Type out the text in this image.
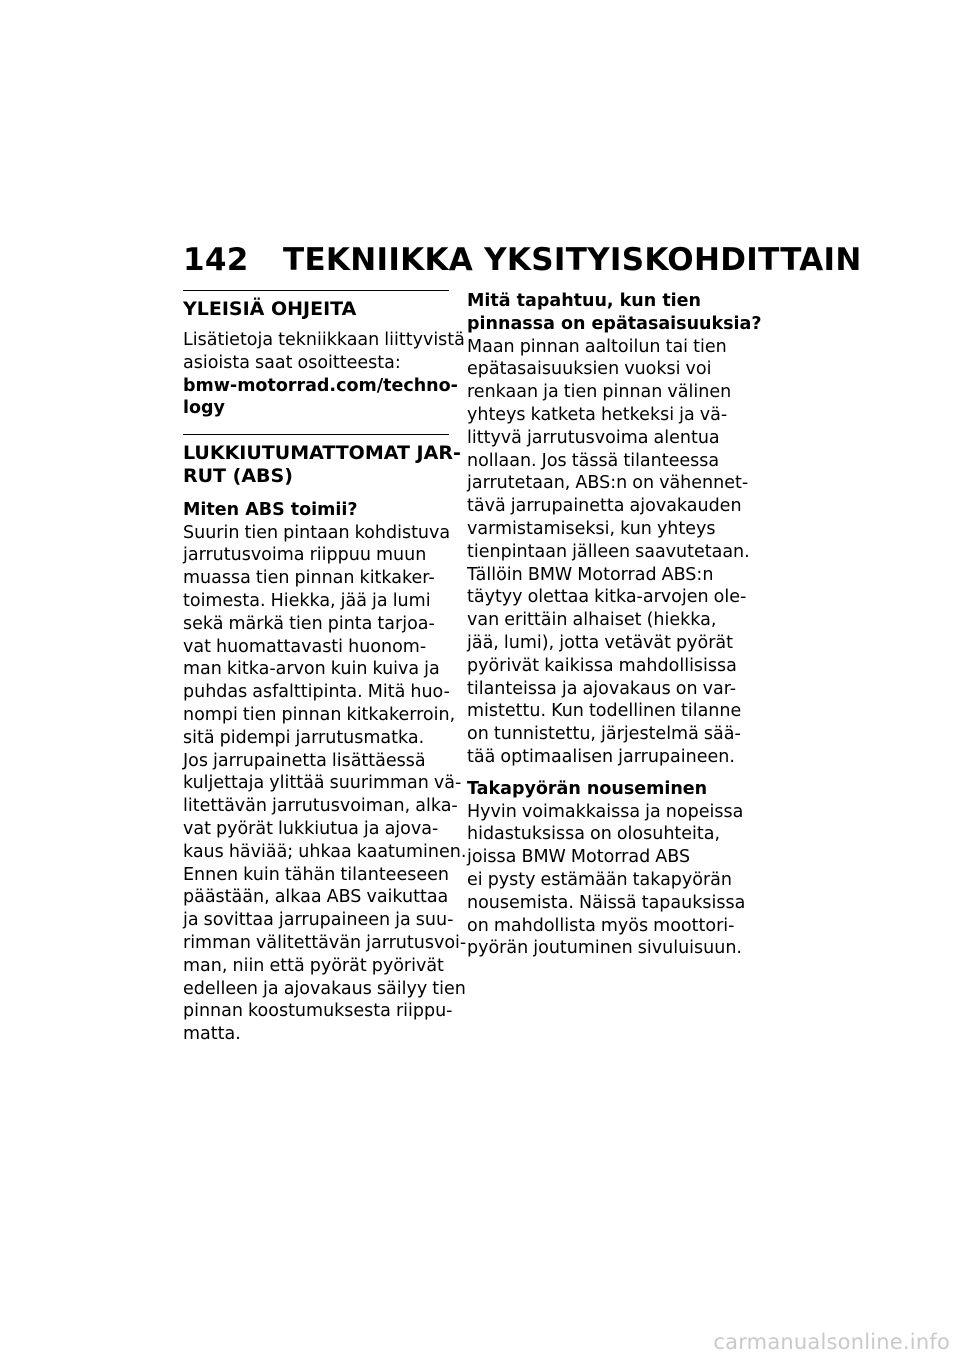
142 TEKNIIKKA YKSITYISKOHDITTAIN
YLEISIÄ OHJEITA

Lisätietoja tekniikkaan liittyvistä
asioista saat osoitteesta:
bmw-motorrad.com/techno-
logy

LUKKIUTUMATTOMAT JAR-
RUT (ABS)
Miten ABS toimii?

Suurin tien pintaan kohdistuva
jarrutusvoima riippuu muun
muassa tien pinnan kitkaker-
toimesta. Hiekka, jää ja lumi
sekä märkä tien pinta tarjoa-
vat huomattavasti huonom-
man kitka-arvon kuin kuiva ja
puhdas asfalttipinta. Mitä huo-
nompi tien pinnan kitkakerroin,
sitä pidempi jarrutusmatka.

Jos jarrupainetta lisättäessä
kuljettaja ylittää suurimman vä-
litettävän jarrutusvoiman, alka-
vat pyörät lukkiutua ja ajova-
kaus häviää; uhkaa kaatuminen.
Ennen kuin tähän tilanteeseen
päästään, alkaa ABS vaikuttaa
ja sovittaa jarrupaineen ja suu-
rimman välitettävän jarrutusvoi-
man, niin että pyörät pyörivät
edelleen ja ajovakaus säilyy tien
pinnan koostumuksesta riippu-
matta.

Mitä tapahtuu, kun tien
pinnassa on epätasaisuuksia?

Maan pinnan aaltoilun tai tien
epätasaisuuksien vuoksi voi
renkaan ja tien pinnan välinen
yhteys katketa hetkeksi ja vä-
littyvä jarrutusvoima alentua
nollaan. Jos tässä tilanteessa
jarrutetaan, ABS:n on vähennet-
tävä jarrupainetta ajovakauden
varmistamiseksi, kun yhteys
tienpintaan jälleen saavutetaan.
Tällöin BMW Motorrad ABS:n
täytyy olettaa kitka-arvojen ole-
van erittäin alhaiset (hiekka,
jää, lumi), jotta vetävät pyörät
pyörivät kaikissa mahdollisissa
tilanteissa ja ajovakaus on var-
mistettu. Kun todellinen tilanne
on tunnistettu, järjestelmä sää-
tää optimaalisen jarrupaineen.

Takapyörän nouseminen

Hyvin voimakkaissa ja nopeissa
hidastuksissa on olosuhteita,
joissa BMW Motorrad ABS
ei pysty estämään takapyörän
nousemista. Näissä tapauksissa
on mahdollista myös moottori-
pyörän joutuminen sivuluisuun.

carmanualsonline.info
